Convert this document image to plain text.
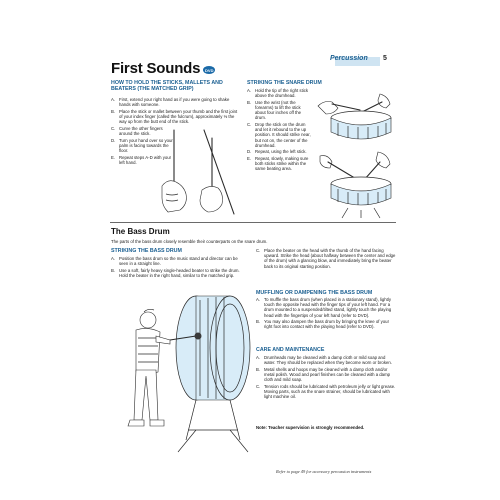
Percussion 5
First Sounds	DVD
HOW TO HOLD THE STICKS, MALLETS AND BEATERS (THE MATCHED GRIP)
A. First, extend your right hand as if you were going to shake hands with someone.
B. Place the stick or mallet between your thumb and the first joint of your index finger (called the fulcrum), approximately ⅓ the way up from the butt end of the stick.
C. Curve the other fingers around the stick.
D. Turn your hand over so your palm is facing towards the floor.
E. Repeat steps A-D with your left hand.
STRIKING THE SNARE DRUM
A. Hold the tip of the right stick above the drumhead.
B. Use the wrist (not the forearms) to lift the stick about four inches off the drum.
C. Drop the stick on the drum and let it rebound to the up position. It should strike near, but not on, the center of the drumhead.
D. Repeat, using the left stick.
E. Repeat, slowly, making sure both sticks strike within the same beating area.
The Bass Drum
The parts of the bass drum closely resemble their counterparts on the snare drum.
STRIKING THE BASS DRUM
A. Position the bass drum so the music stand and director can be seen in a straight line.
B. Use a soft, fairly heavy single-headed beater to strike the drum. Hold the beater in the right hand, similar to the matched grip.
C. Place the beater on the head with the thumb of the hand facing upward. Strike the head (about halfway between the center and edge of the drum) with a glancing blow, and immediately bring the beater back to its original starting position.
MUFFLING OR DAMPENING THE BASS DRUM
A. To muffle the bass drum (when placed in a stationary stand), lightly touch the opposite head with the finger tips of your left hand. For a drum mounted to a suspended/tilted stand, lightly touch the playing head with the fingertips of your left hand (refer to DVD).
B. You may also dampen the bass drum by bringing the knee of your right foot into contact with the playing head (refer to DVD).
CARE AND MAINTENANCE
A. Drumheads may be cleaned with a damp cloth or mild soap and water. They should be replaced when they become worn or broken.
B. Metal shells and hoops may be cleaned with a damp cloth and/or metal polish. Wood and pearl finishes can be cleaned with a damp cloth and mild soap.
C. Tension rods should be lubricated with petroleum jelly or light grease. Moving parts, such as the snare strainer, should be lubricated with light machine oil.
Note: Teacher supervision is strongly recommended.
Refer to page 49 for accessory percussion instruments
